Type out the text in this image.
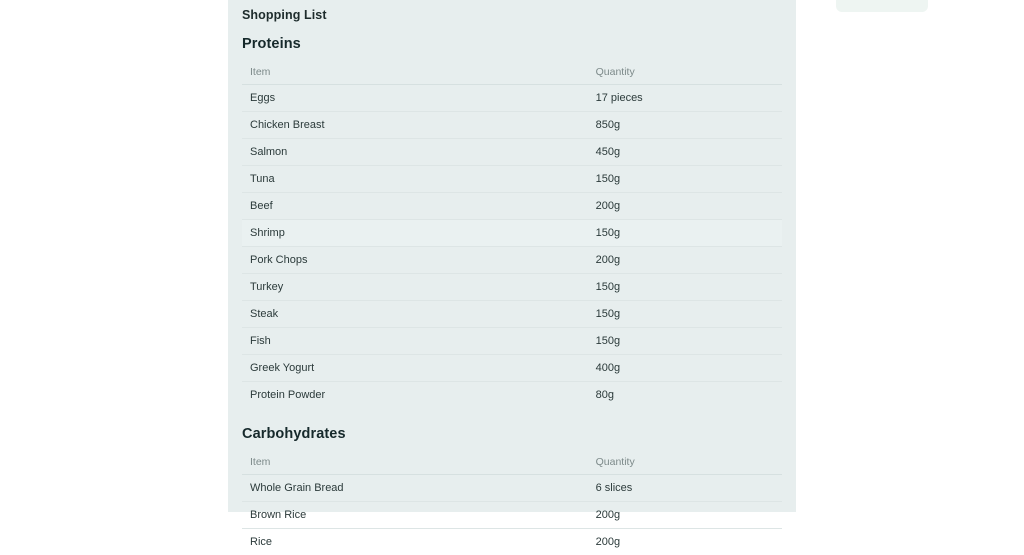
Shopping List
Proteins
Item	Quantity
Eggs	17 pieces
Chicken Breast	850g
Salmon	450g
Tuna	150g
Beef	200g
Shrimp	150g
Pork Chops	200g
Turkey	150g
Steak	150g
Fish	150g
Greek Yogurt	400g
Protein Powder	80g
Carbohydrates
Item	Quantity
Whole Grain Bread	6 slices
Brown Rice	200g
Rice	200g
